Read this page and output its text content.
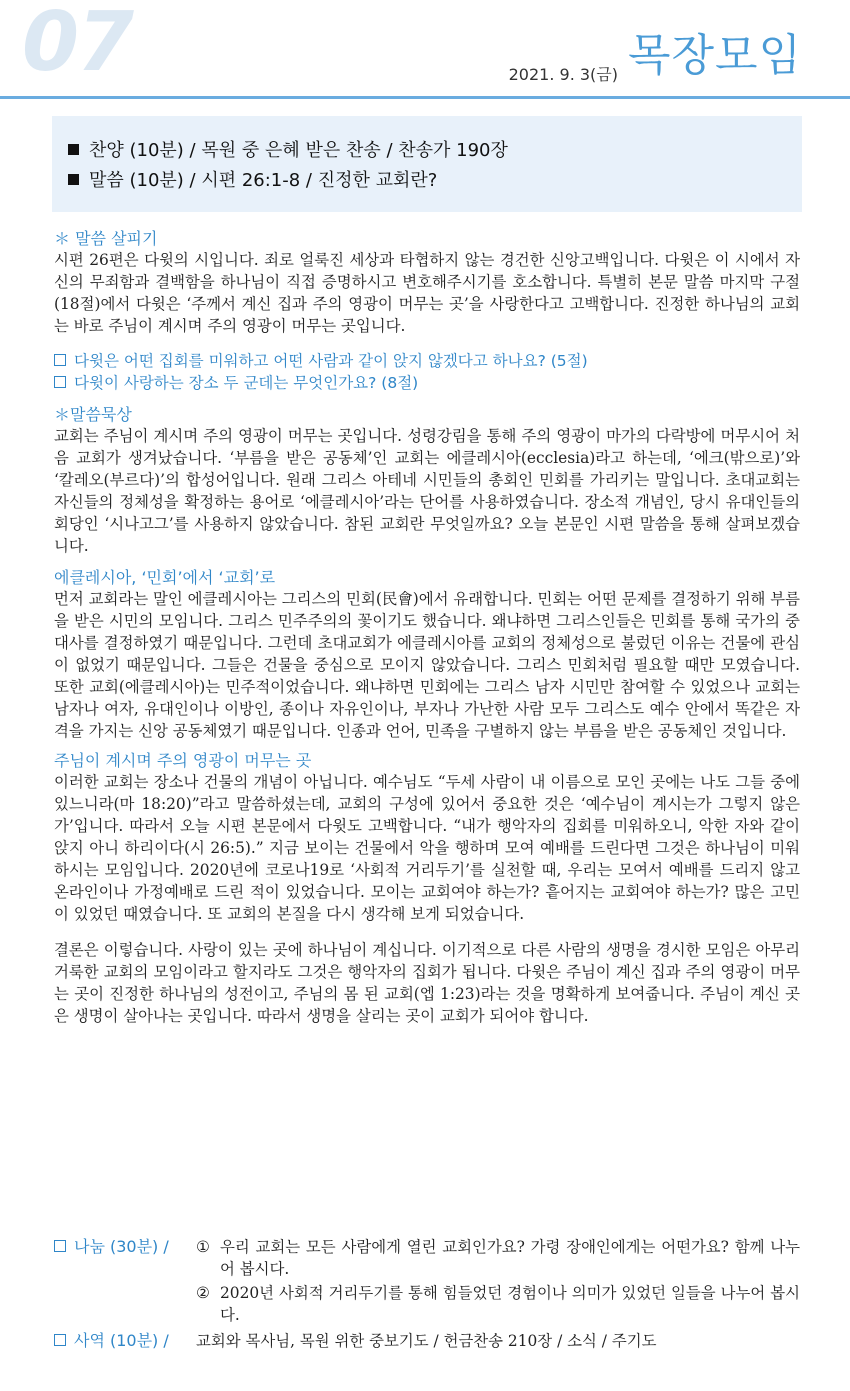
07	목장모임
2021. 9. 3(금)
찬양 (10분) / 목원 중 은혜 받은 찬송 / 찬송가 190장
말씀 (10분) / 시편 26:1-8 / 진정한 교회란?

＊ 말씀 살피기

시편 26편은 다윗의 시입니다. 죄로 얼룩진 세상과 타협하지 않는 경건한 신앙고백입니다. 다윗은 이 시에서 자신의 무죄함과 결백함을 하나님이 직접 증명하시고 변호해주시기를 호소합니다. 특별히 본문 말씀 마지막 구절(18절)에서 다윗은 ‘주께서 계신 집과 주의 영광이 머무는 곳’을 사랑한다고 고백합니다. 진정한 하나님의 교회는 바로 주님이 계시며 주의 영광이 머무는 곳입니다.

다윗은 어떤 집회를 미워하고 어떤 사람과 같이 앉지 않겠다고 하나요? (5절)

다윗이 사랑하는 장소 두 군데는 무엇인가요? (8절)

＊말씀묵상

교회는 주님이 계시며 주의 영광이 머무는 곳입니다. 성령강림을 통해 주의 영광이 마가의 다락방에 머무시어 처음 교회가 생겨났습니다. ‘부름을 받은 공동체’인 교회는 에클레시아(ecclesia)라고 하는데, ‘에크(밖으로)’와 ‘칼레오(부르다)’의 합성어입니다. 원래 그리스 아테네 시민들의 총회인 민회를 가리키는 말입니다. 초대교회는 자신들의 정체성을 확정하는 용어로 ‘에클레시아’라는 단어를 사용하였습니다. 장소적 개념인, 당시 유대인들의 회당인 ‘시나고그’를 사용하지 않았습니다. 참된 교회란 무엇일까요? 오늘 본문인 시편 말씀을 통해 살펴보겠습니다.

에클레시아, ‘민회’에서 ‘교회’로

먼저 교회라는 말인 에클레시아는 그리스의 민회(民會)에서 유래합니다. 민회는 어떤 문제를 결정하기 위해 부름을 받은 시민의 모임니다. 그리스 민주주의의 꽃이기도 했습니다. 왜냐하면 그리스인들은 민회를 통해 국가의 중대사를 결정하였기 때문입니다. 그런데 초대교회가 에클레시아를 교회의 정체성으로 불렀던 이유는 건물에 관심이 없었기 때문입니다. 그들은 건물을 중심으로 모이지 않았습니다. 그리스 민회처럼 필요할 때만 모였습니다. 또한 교회(에클레시아)는 민주적이었습니다. 왜냐하면 민회에는 그리스 남자 시민만 참여할 수 있었으나 교회는 남자나 여자, 유대인이나 이방인, 종이나 자유인이나, 부자나 가난한 사람 모두 그리스도 예수 안에서 똑같은 자격을 가지는 신앙 공동체였기 때문입니다. 인종과 언어, 민족을 구별하지 않는 부름을 받은 공동체인 것입니다.

주님이 계시며 주의 영광이 머무는 곳

이러한 교회는 장소나 건물의 개념이 아닙니다. 예수님도 “두세 사람이 내 이름으로 모인 곳에는 나도 그들 중에 있느니라(마 18:20)”라고 말씀하셨는데, 교회의 구성에 있어서 중요한 것은 ‘예수님이 계시는가 그렇지 않은가’입니다. 따라서 오늘 시편 본문에서 다윗도 고백합니다. “내가 행악자의 집회를 미워하오니, 악한 자와 같이 앉지 아니 하리이다(시 26:5).” 지금 보이는 건물에서 악을 행하며 모여 예배를 드린다면 그것은 하나님이 미워하시는 모임입니다. 2020년에 코로나19로 ‘사회적 거리두기’를 실천할 때, 우리는 모여서 예배를 드리지 않고 온라인이나 가정예배로 드린 적이 있었습니다. 모이는 교회여야 하는가? 흩어지는 교회여야 하는가? 많은 고민이 있었던 때였습니다. 또 교회의 본질을 다시 생각해 보게 되었습니다.

결론은 이렇습니다. 사랑이 있는 곳에 하나님이 계십니다. 이기적으로 다른 사람의 생명을 경시한 모임은 아무리 거룩한 교회의 모임이라고 할지라도 그것은 행악자의 집회가 됩니다. 다윗은 주님이 계신 집과 주의 영광이 머무는 곳이 진정한 하나님의 성전이고, 주님의 몸 된 교회(엡 1:23)라는 것을 명확하게 보여줍니다. 주님이 계신 곳은 생명이 살아나는 곳입니다. 따라서 생명을 살리는 곳이 교회가 되어야 합니다.

나눔 (30분) /	① 우리 교회는 모든 사람에게 열린 교회인가요? 가령 장애인에게는 어떤가요? 함께 나누어 봅시다.
② 2020년 사회적 거리두기를 통해 힘들었던 경험이나 의미가 있었던 일들을 나누어 봅시다.
사역 (10분) /	교회와 목사님, 목원 위한 중보기도 / 헌금찬송 210장 / 소식 / 주기도
